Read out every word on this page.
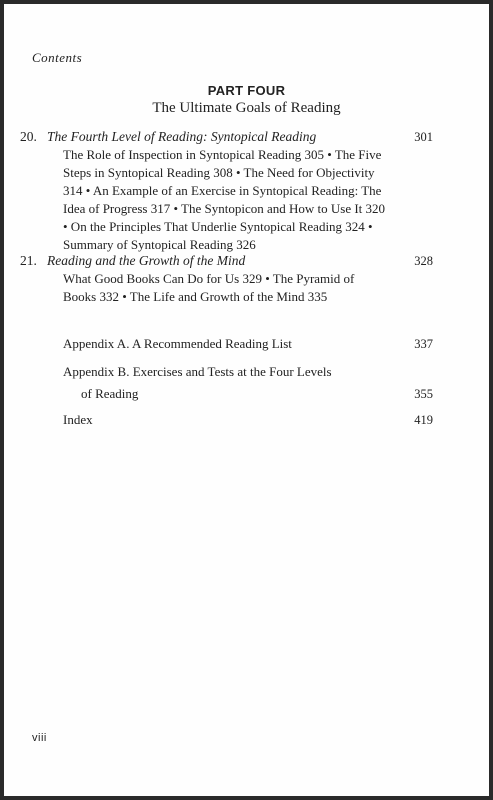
Contents
PART FOUR
The Ultimate Goals of Reading
20. The Fourth Level of Reading: Syntopical Reading	301
The Role of Inspection in Syntopical Reading 305 • The Five
Steps in Syntopical Reading 308 • The Need for Objectivity
314 • An Example of an Exercise in Syntopical Reading: The
Idea of Progress 317 • The Syntopicon and How to Use It 320
• On the Principles That Underlie Syntopical Reading 324 •
Summary of Syntopical Reading 326
21. Reading and the Growth of the Mind	328
What Good Books Can Do for Us 329 • The Pyramid of
Books 332 • The Life and Growth of the Mind 335
Appendix A. A Recommended Reading List	337
Appendix B. Exercises and Tests at the Four Levels
of Reading	355
Index	419
viii
